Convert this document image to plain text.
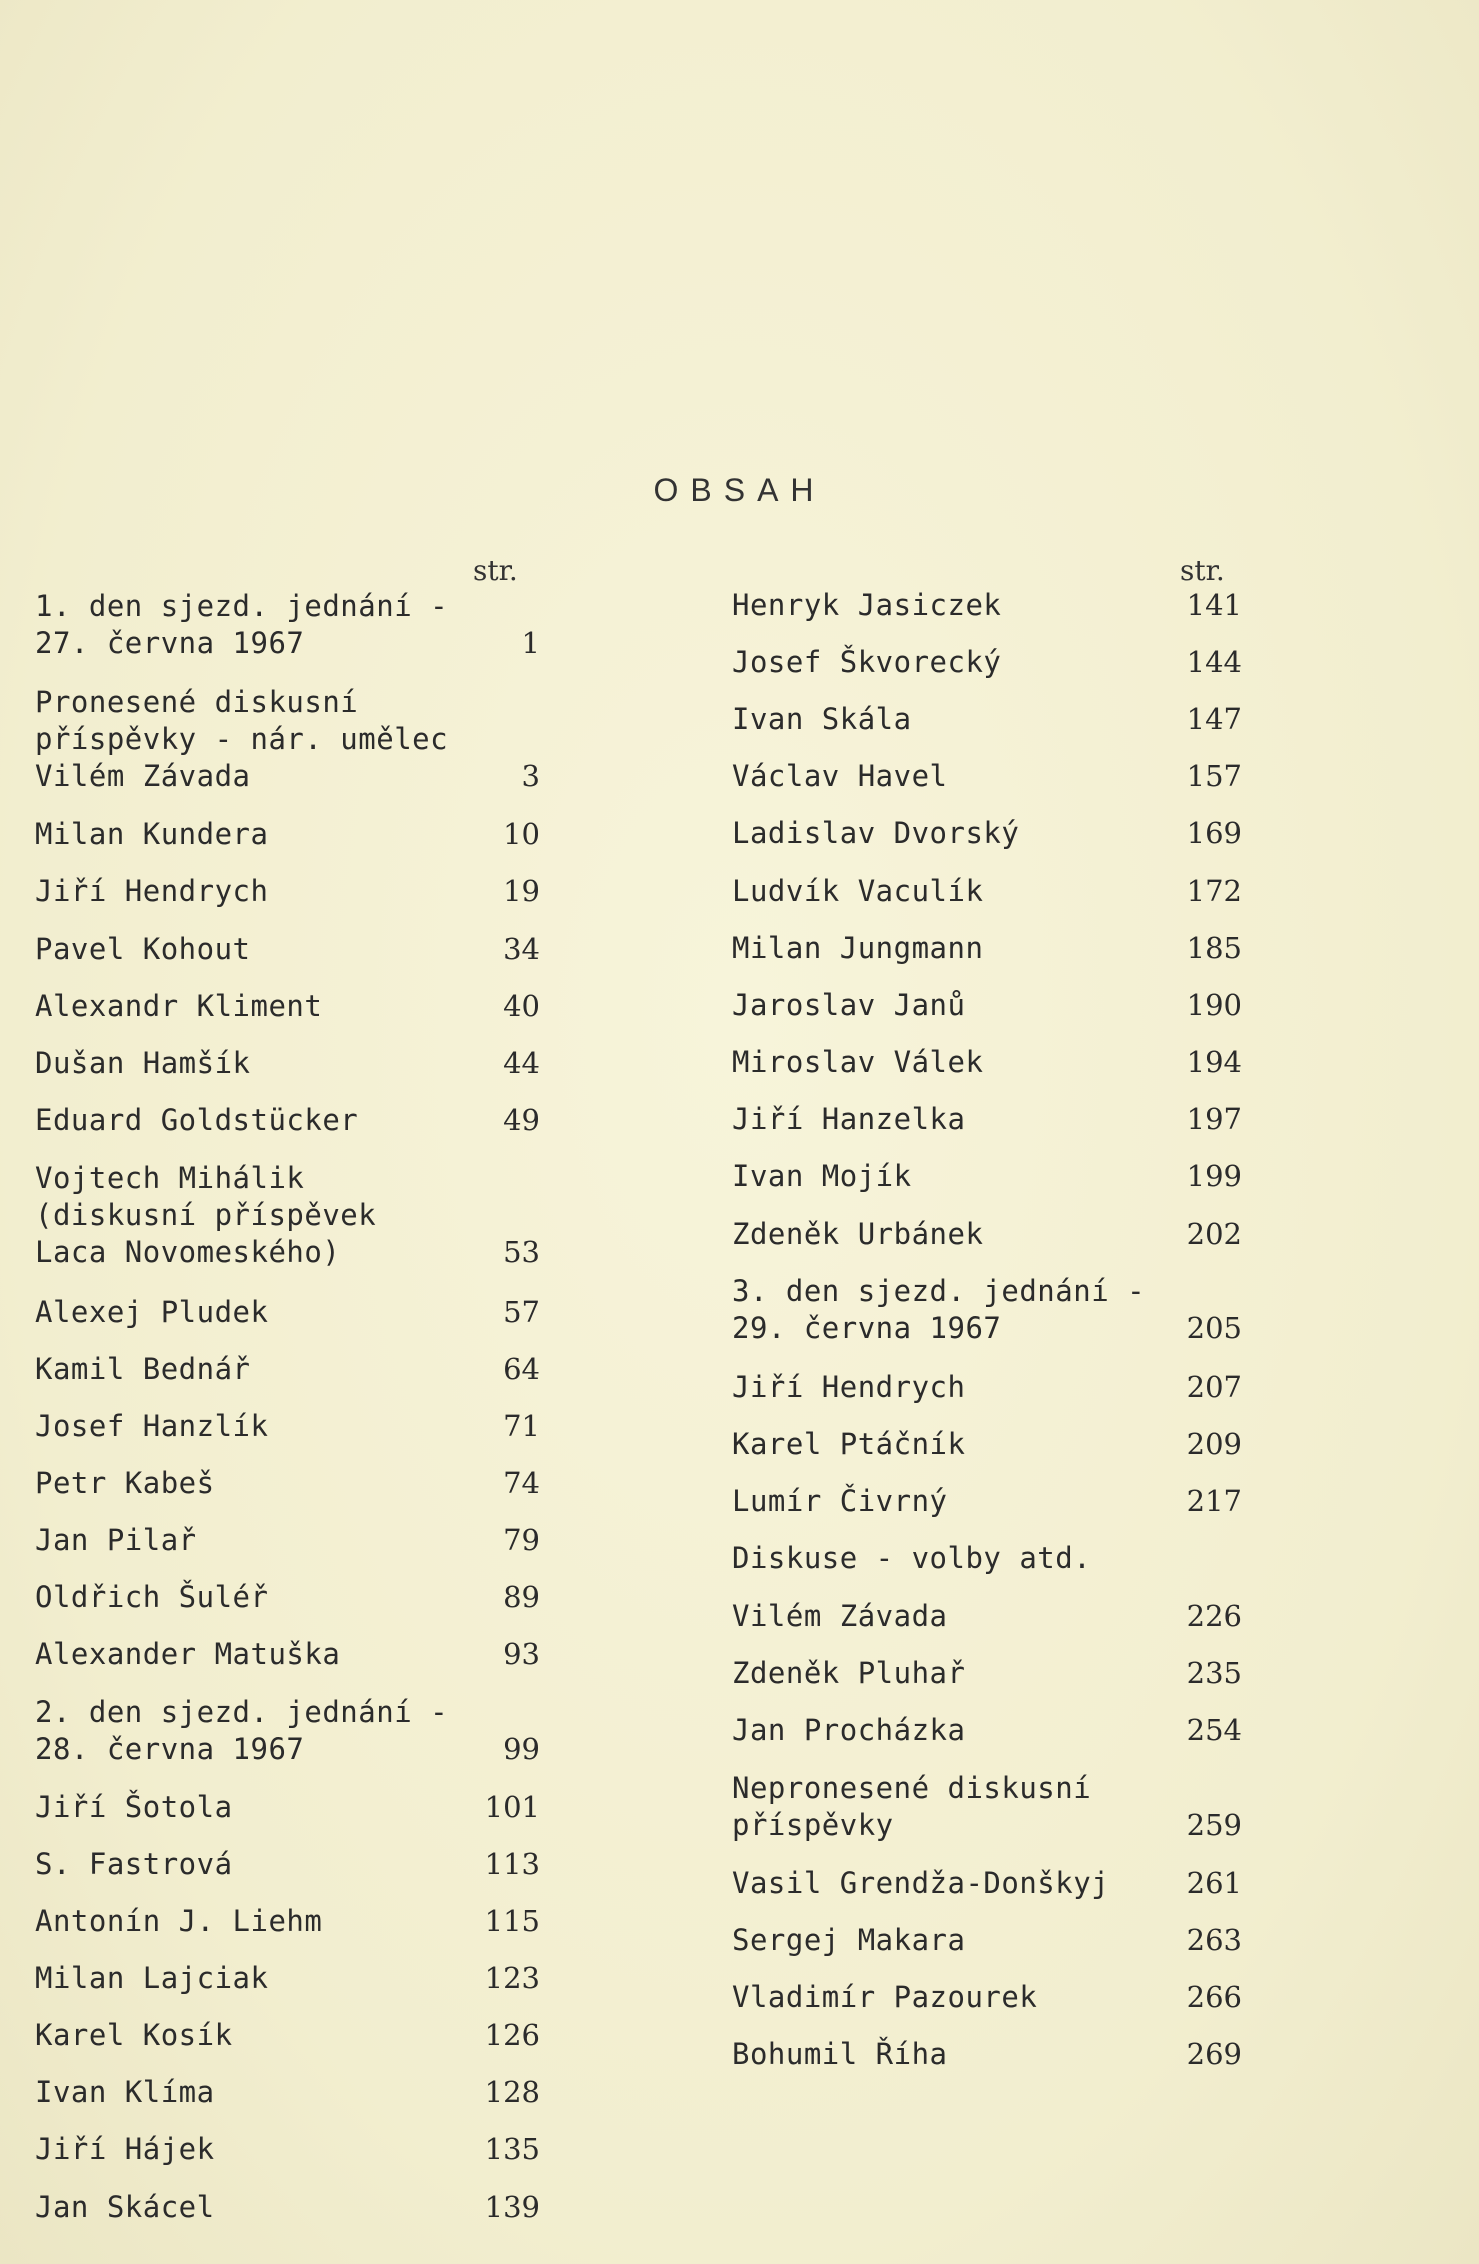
OBSAH
str.
1. den sjezd. jednání -
27. června 1967	1
Pronesené diskusní
příspěvky - nár. umělec
Vilém Závada	3
Milan Kundera	10
Jiří Hendrych	19
Pavel Kohout	34
Alexandr Kliment	40
Dušan Hamšík	44
Eduard Goldstücker	49
Vojtech Mihálik
(diskusní příspěvek
Laca Novomeského)	53
Alexej Pludek	57
Kamil Bednář	64
Josef Hanzlík	71
Petr Kabeš	74
Jan Pilař	79
Oldřich Šuléř	89
Alexander Matuška	93
2. den sjezd. jednání -
28. června 1967	99
Jiří Šotola	101
S. Fastrová	113
Antonín J. Liehm	115
Milan Lajciak	123
Karel Kosík	126
Ivan Klíma	128
Jiří Hájek	135
Jan Skácel	139
str.
Henryk Jasiczek	141
Josef Škvorecký	144
Ivan Skála	147
Václav Havel	157
Ladislav Dvorský	169
Ludvík Vaculík	172
Milan Jungmann	185
Jaroslav Janů	190
Miroslav Válek	194
Jiří Hanzelka	197
Ivan Mojík	199
Zdeněk Urbánek	202
3. den sjezd. jednání -
29. června 1967	205
Jiří Hendrych	207
Karel Ptáčník	209
Lumír Čivrný	217
Diskuse - volby atd.
Vilém Závada	226
Zdeněk Pluhař	235
Jan Procházka	254
Nepronesené diskusní
příspěvky	259
Vasil Grendža-Donškyj	261
Sergej Makara	263
Vladimír Pazourek	266
Bohumil Říha	269
